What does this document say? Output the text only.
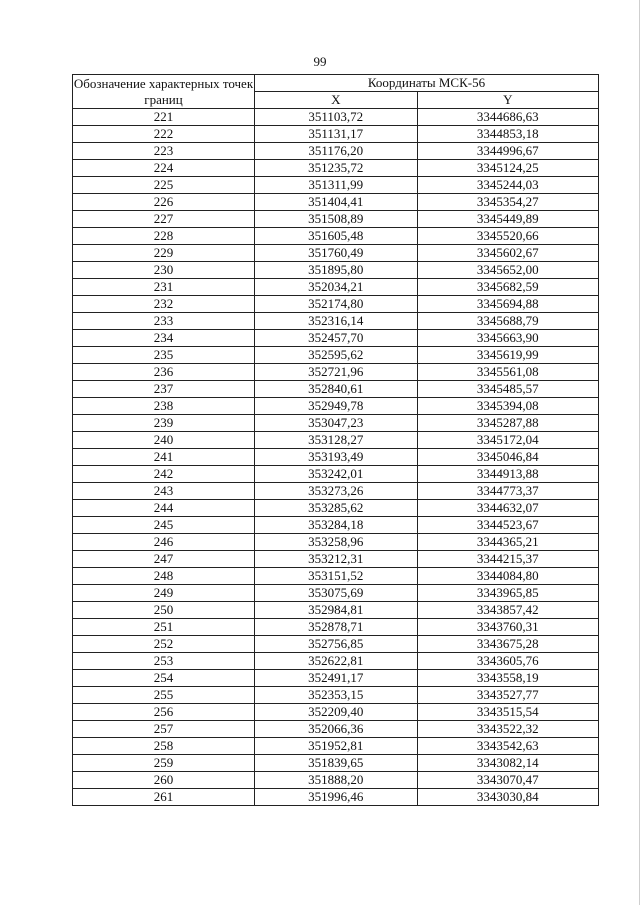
99
Обозначение характерных точек границ	Координаты МСК-56	
	X	Y
221	351103,72	3344686,63
222	351131,17	3344853,18
223	351176,20	3344996,67
224	351235,72	3345124,25
225	351311,99	3345244,03
226	351404,41	3345354,27
227	351508,89	3345449,89
228	351605,48	3345520,66
229	351760,49	3345602,67
230	351895,80	3345652,00
231	352034,21	3345682,59
232	352174,80	3345694,88
233	352316,14	3345688,79
234	352457,70	3345663,90
235	352595,62	3345619,99
236	352721,96	3345561,08
237	352840,61	3345485,57
238	352949,78	3345394,08
239	353047,23	3345287,88
240	353128,27	3345172,04
241	353193,49	3345046,84
242	353242,01	3344913,88
243	353273,26	3344773,37
244	353285,62	3344632,07
245	353284,18	3344523,67
246	353258,96	3344365,21
247	353212,31	3344215,37
248	353151,52	3344084,80
249	353075,69	3343965,85
250	352984,81	3343857,42
251	352878,71	3343760,31
252	352756,85	3343675,28
253	352622,81	3343605,76
254	352491,17	3343558,19
255	352353,15	3343527,77
256	352209,40	3343515,54
257	352066,36	3343522,32
258	351952,81	3343542,63
259	351839,65	3343082,14
260	351888,20	3343070,47
261	351996,46	3343030,84
